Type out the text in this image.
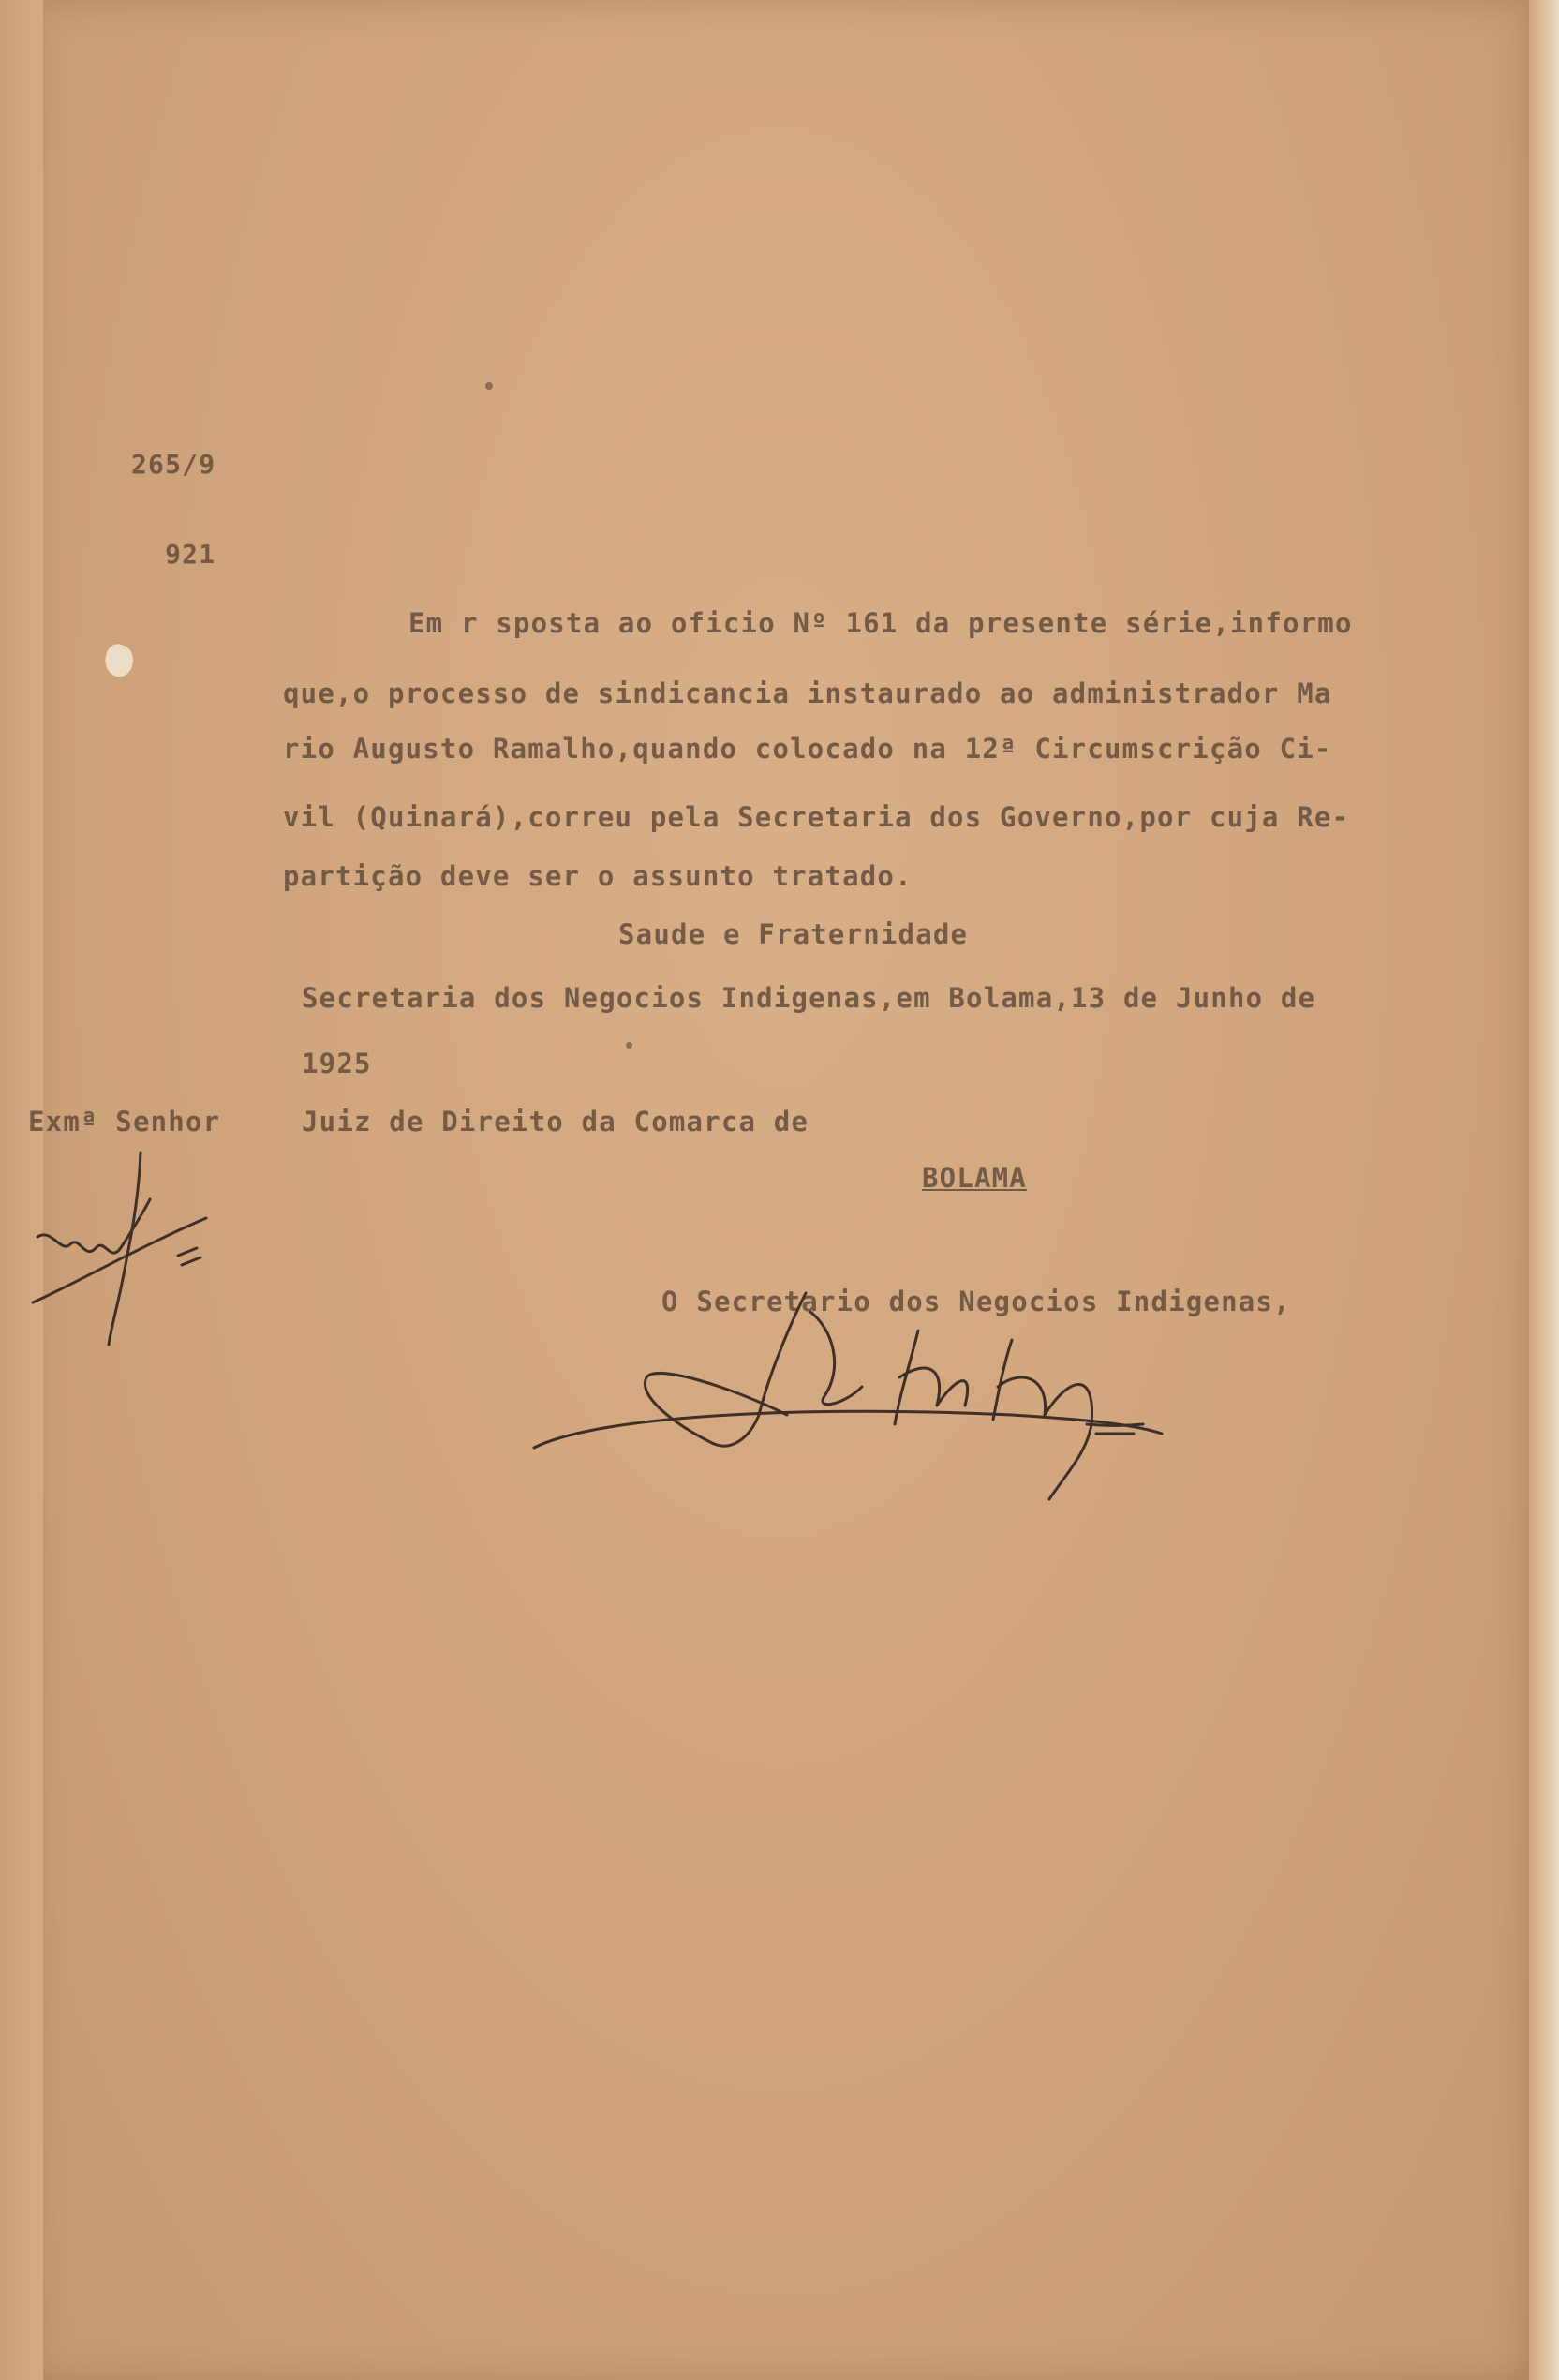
265/9

921

Em r sposta ao oficio Nº 161 da presente série,informo
que,o processo de sindicancia instaurado ao administrador Ma
rio Augusto Ramalho,quando colocado na 12ª Circumscrição Ci-
vil (Quinará),correu pela Secretaria dos Governo,por cuja Re-
partição deve ser o assunto tratado.
Saude e Fraternidade
Secretaria dos Negocios Indigenas,em Bolama,13 de Junho de
1925
Exmª Senhor	Juiz de Direito da Comarca de
BOLAMA
O Secretario dos Negocios Indigenas,
